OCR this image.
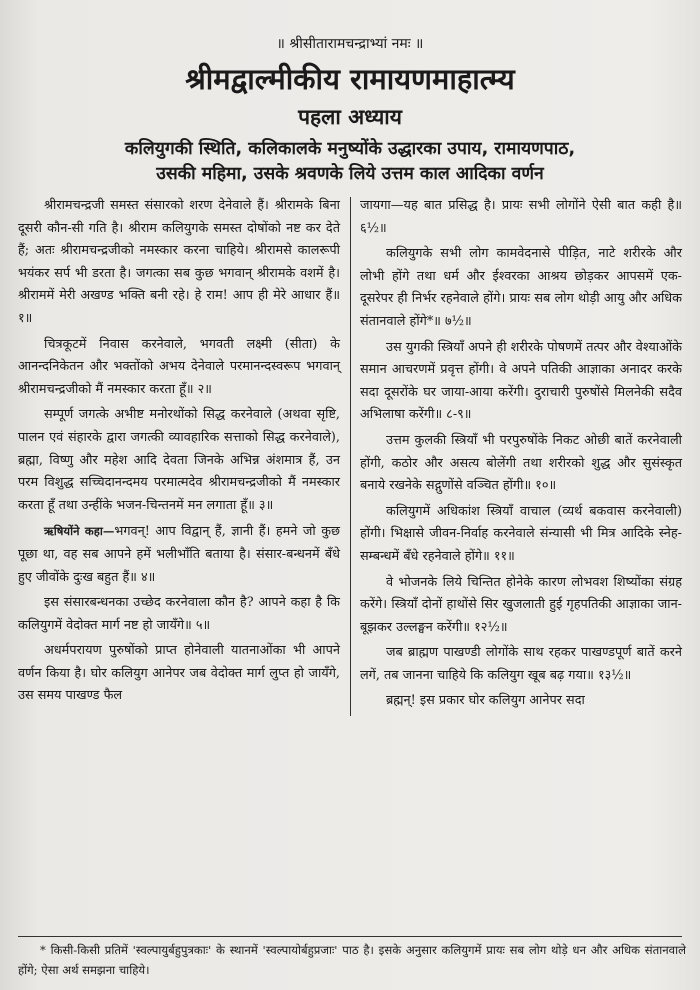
॥ श्रीसीतारामचन्द्राभ्यां नमः ॥
श्रीमद्वाल्मीकीय रामायणमाहात्म्य
पहला अध्याय
कलियुगकी स्थिति, कलिकालके मनुष्योंके उद्धारका उपाय, रामायणपाठ,
उसकी महिमा, उसके श्रवणके लिये उत्तम काल आदिका वर्णन

श्रीरामचन्द्रजी समस्त संसारको शरण देनेवाले हैं। श्रीरामके बिना दूसरी कौन-सी गति है। श्रीराम कलियुगके समस्त दोषोंको नष्ट कर देते हैं; अतः श्रीरामचन्द्रजीको नमस्कार करना चाहिये। श्रीरामसे कालरूपी भयंकर सर्प भी डरता है। जगत्का सब कुछ भगवान् श्रीरामके वशमें है। श्रीराममें मेरी अखण्ड भक्ति बनी रहे। हे राम! आप ही मेरे आधार हैं॥ १॥

चित्रकूटमें निवास करनेवाले, भगवती लक्ष्मी (सीता) के आनन्दनिकेतन और भक्तोंको अभय देनेवाले परमानन्दस्वरूप भगवान् श्रीरामचन्द्रजीको मैं नमस्कार करता हूँ॥ २॥

सम्पूर्ण जगत्के अभीष्ट मनोरथोंको सिद्ध करनेवाले (अथवा सृष्टि, पालन एवं संहारके द्वारा जगत्की व्यावहारिक सत्ताको सिद्ध करनेवाले), ब्रह्मा, विष्णु और महेश आदि देवता जिनके अभिन्न अंशमात्र हैं, उन परम विशुद्ध सच्चिदानन्दमय परमात्मदेव श्रीरामचन्द्रजीको मैं नमस्कार करता हूँ तथा उन्हींके भजन-चिन्तनमें मन लगाता हूँ॥ ३॥

ऋषियोंने कहा—भगवन्! आप विद्वान् हैं, ज्ञानी हैं। हमने जो कुछ पूछा था, वह सब आपने हमें भलीभाँति बताया है। संसार-बन्धनमें बँधे हुए जीवोंके दुःख बहुत हैं॥ ४॥

इस संसारबन्धनका उच्छेद करनेवाला कौन है? आपने कहा है कि कलियुगमें वेदोक्त मार्ग नष्ट हो जायँगे॥ ५॥

अधर्मपरायण पुरुषोंको प्राप्त होनेवाली यातनाओंका भी आपने वर्णन किया है। घोर कलियुग आनेपर जब वेदोक्त मार्ग लुप्त हो जायँगे, उस समय पाखण्ड फैल

जायगा—यह बात प्रसिद्ध है। प्रायः सभी लोगोंने ऐसी बात कही है॥ ६½॥

कलियुगके सभी लोग कामवेदनासे पीड़ित, नाटे शरीरके और लोभी होंगे तथा धर्म और ईश्वरका आश्रय छोड़कर आपसमें एक-दूसरेपर ही निर्भर रहनेवाले होंगे। प्रायः सब लोग थोड़ी आयु और अधिक संतानवाले होंगे*॥ ७½॥

उस युगकी स्त्रियाँ अपने ही शरीरके पोषणमें तत्पर और वेश्याओंके समान आचरणमें प्रवृत्त होंगी। वे अपने पतिकी आज्ञाका अनादर करके सदा दूसरोंके घर जाया-आया करेंगी। दुराचारी पुरुषोंसे मिलनेकी सदैव अभिलाषा करेंगी॥ ८-९॥

उत्तम कुलकी स्त्रियाँ भी परपुरुषोंके निकट ओछी बातें करनेवाली होंगी, कठोर और असत्य बोलेंगी तथा शरीरको शुद्ध और सुसंस्कृत बनाये रखनेके सद्गुणोंसे वञ्चित होंगी॥ १०॥

कलियुगमें अधिकांश स्त्रियाँ वाचाल (व्यर्थ बकवास करनेवाली) होंगी। भिक्षासे जीवन-निर्वाह करनेवाले संन्यासी भी मित्र आदिके स्नेह-सम्बन्धमें बँधे रहनेवाले होंगे॥ ११॥

वे भोजनके लिये चिन्तित होनेके कारण लोभवश शिष्योंका संग्रह करेंगे। स्त्रियाँ दोनों हाथोंसे सिर खुजलाती हुई गृहपतिकी आज्ञाका जान-बूझकर उल्लङ्घन करेंगी॥ १२½॥

जब ब्राह्मण पाखण्डी लोगोंके साथ रहकर पाखण्डपूर्ण बातें करने लगें, तब जानना चाहिये कि कलियुग खूब बढ़ गया॥ १३½॥

ब्रह्मन्! इस प्रकार घोर कलियुग आनेपर सदा

* किसी-किसी प्रतिमें 'स्वल्पायुर्बहुपुत्रकाः' के स्थानमें 'स्वल्पायोर्बहुप्रजाः' पाठ है। इसके अनुसार कलियुगमें प्रायः सब लोग थोड़े धन और अधिक संतानवाले होंगे; ऐसा अर्थ समझना चाहिये।
